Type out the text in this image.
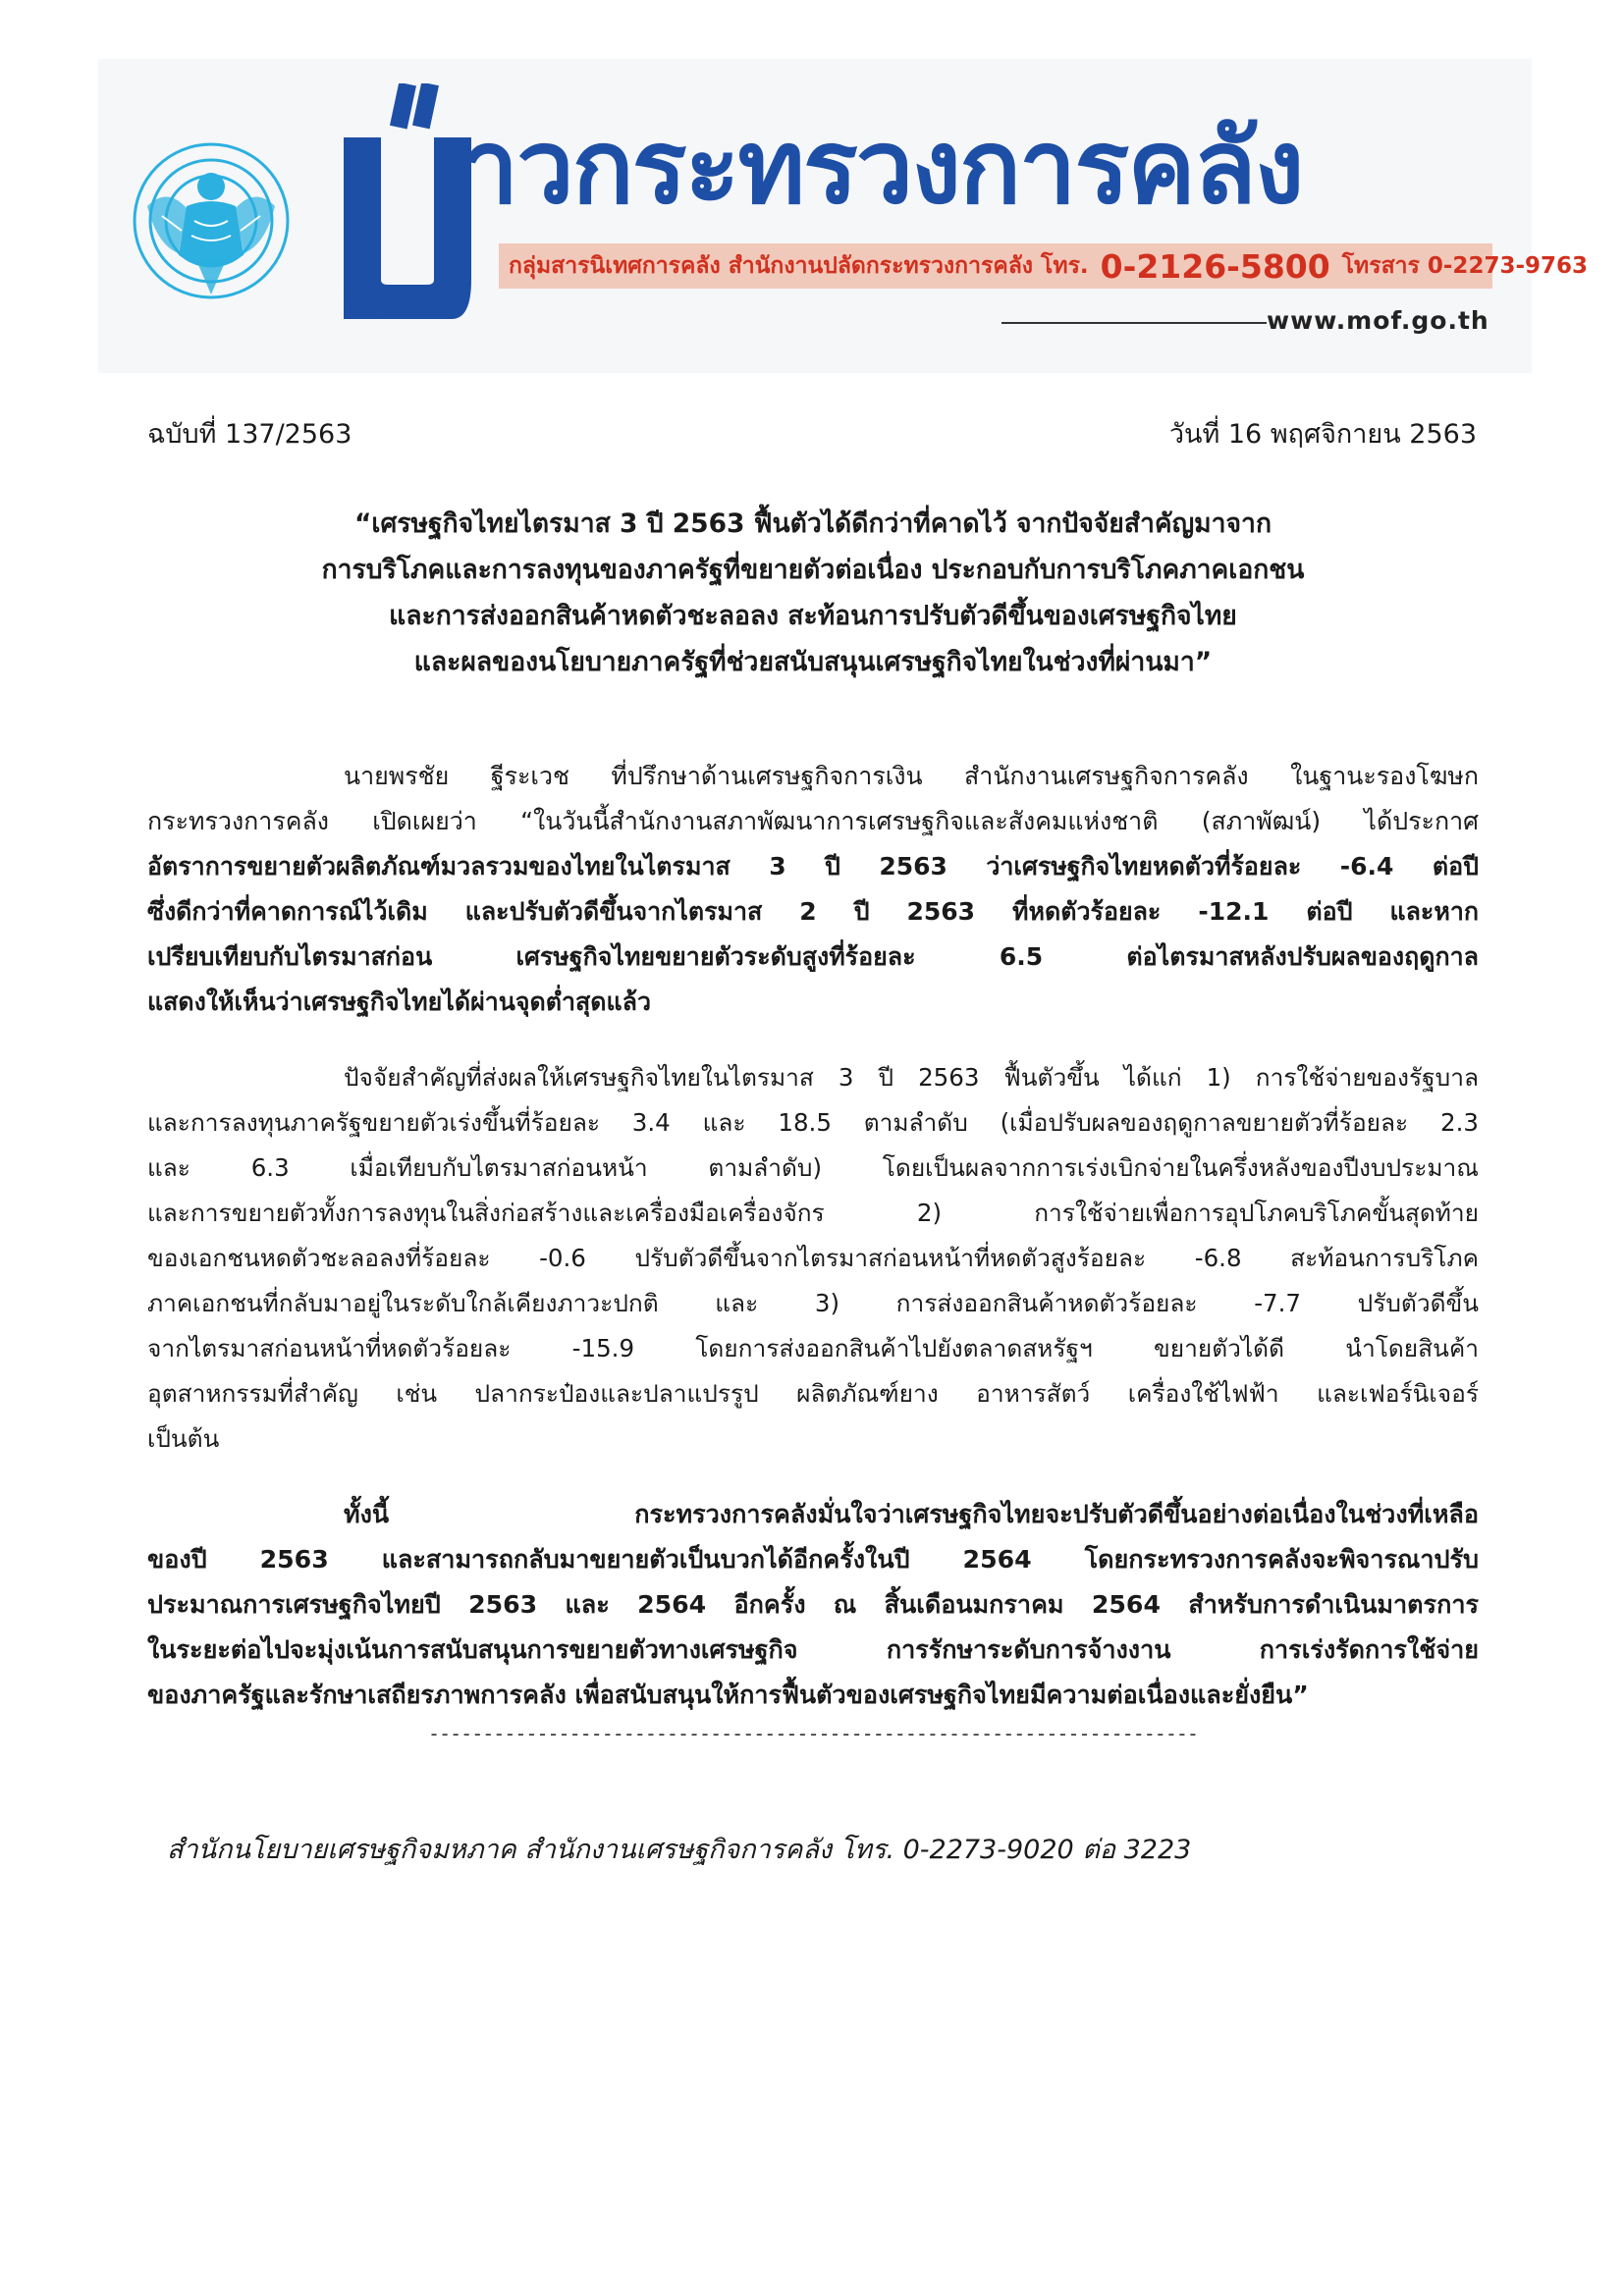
าวกระทรวงการคลัง
กลุ่มสารนิเทศการคลัง สำนักงานปลัดกระทรวงการคลัง โทร. 0-2126-5800 โทรสาร 0-2273-9763
www.mof.go.th
ฉบับที่ 137/2563	วันที่ 16 พฤศจิกายน 2563
“เศรษฐกิจไทยไตรมาส 3 ปี 2563 ฟื้นตัวได้ดีกว่าที่คาดไว้ จากปัจจัยสำคัญมาจาก
การบริโภคและการลงทุนของภาครัฐที่ขยายตัวต่อเนื่อง ประกอบกับการบริโภคภาคเอกชน
และการส่งออกสินค้าหดตัวชะลอลง สะท้อนการปรับตัวดีขึ้นของเศรษฐกิจไทย
และผลของนโยบายภาครัฐที่ช่วยสนับสนุนเศรษฐกิจไทยในช่วงที่ผ่านมา”
นายพรชัย ฐีระเวช ที่ปรึกษาด้านเศรษฐกิจการเงิน สำนักงานเศรษฐกิจการคลัง ในฐานะรองโฆษก
กระทรวงการคลัง เปิดเผยว่า “ในวันนี้สำนักงานสภาพัฒนาการเศรษฐกิจและสังคมแห่งชาติ (สภาพัฒน์) ได้ประกาศ
อัตราการขยายตัวผลิตภัณฑ์มวลรวมของไทยในไตรมาส 3 ปี 2563 ว่าเศรษฐกิจไทยหดตัวที่ร้อยละ -6.4 ต่อปี
ซึ่งดีกว่าที่คาดการณ์ไว้เดิม และปรับตัวดีขึ้นจากไตรมาส 2 ปี 2563 ที่หดตัวร้อยละ -12.1 ต่อปี และหาก
เปรียบเทียบกับไตรมาสก่อน เศรษฐกิจไทยขยายตัวระดับสูงที่ร้อยละ 6.5 ต่อไตรมาสหลังปรับผลของฤดูกาล
แสดงให้เห็นว่าเศรษฐกิจไทยได้ผ่านจุดต่ำสุดแล้ว
ปัจจัยสำคัญที่ส่งผลให้เศรษฐกิจไทยในไตรมาส 3 ปี 2563 ฟื้นตัวขึ้น ได้แก่ 1) การใช้จ่ายของรัฐบาล
และการลงทุนภาครัฐขยายตัวเร่งขึ้นที่ร้อยละ 3.4 และ 18.5 ตามลำดับ (เมื่อปรับผลของฤดูกาลขยายตัวที่ร้อยละ 2.3
และ 6.3 เมื่อเทียบกับไตรมาสก่อนหน้า ตามลำดับ) โดยเป็นผลจากการเร่งเบิกจ่ายในครึ่งหลังของปีงบประมาณ
และการขยายตัวทั้งการลงทุนในสิ่งก่อสร้างและเครื่องมือเครื่องจักร 2) การใช้จ่ายเพื่อการอุปโภคบริโภคขั้นสุดท้าย
ของเอกชนหดตัวชะลอลงที่ร้อยละ -0.6 ปรับตัวดีขึ้นจากไตรมาสก่อนหน้าที่หดตัวสูงร้อยละ -6.8 สะท้อนการบริโภค
ภาคเอกชนที่กลับมาอยู่ในระดับใกล้เคียงภาวะปกติ และ 3) การส่งออกสินค้าหดตัวร้อยละ -7.7 ปรับตัวดีขึ้น
จากไตรมาสก่อนหน้าที่หดตัวร้อยละ -15.9 โดยการส่งออกสินค้าไปยังตลาดสหรัฐฯ ขยายตัวได้ดี นำโดยสินค้า
อุตสาหกรรมที่สำคัญ เช่น ปลากระป๋องและปลาแปรรูป ผลิตภัณฑ์ยาง อาหารสัตว์ เครื่องใช้ไฟฟ้า และเฟอร์นิเจอร์
เป็นต้น
ทั้งนี้ กระทรวงการคลังมั่นใจว่าเศรษฐกิจไทยจะปรับตัวดีขึ้นอย่างต่อเนื่องในช่วงที่เหลือ
ของปี 2563 และสามารถกลับมาขยายตัวเป็นบวกได้อีกครั้งในปี 2564 โดยกระทรวงการคลังจะพิจารณาปรับ
ประมาณการเศรษฐกิจไทยปี 2563 และ 2564 อีกครั้ง ณ สิ้นเดือนมกราคม 2564 สำหรับการดำเนินมาตรการ
ในระยะต่อไปจะมุ่งเน้นการสนับสนุนการขยายตัวทางเศรษฐกิจ การรักษาระดับการจ้างงาน การเร่งรัดการใช้จ่าย
ของภาครัฐและรักษาเสถียรภาพการคลัง เพื่อสนับสนุนให้การฟื้นตัวของเศรษฐกิจไทยมีความต่อเนื่องและยั่งยืน”
-----------------------------------------------------------------------
สำนักนโยบายเศรษฐกิจมหภาค สำนักงานเศรษฐกิจการคลัง โทร. 0-2273-9020 ต่อ 3223
